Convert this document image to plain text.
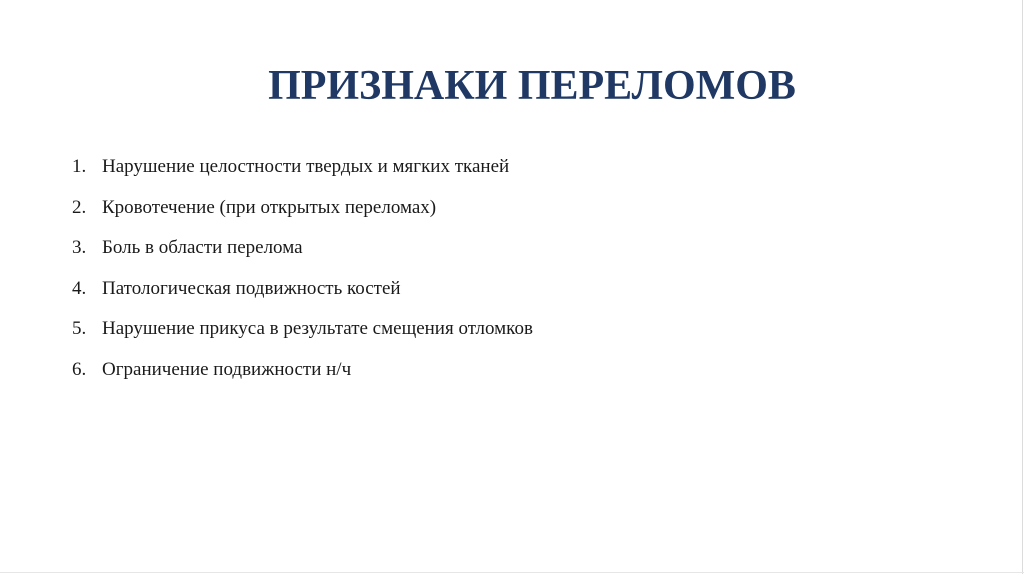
ПРИЗНАКИ ПЕРЕЛОМОВ
1. Нарушение целостности твердых и мягких тканей
2. Кровотечение (при открытых переломах)
3. Боль в области перелома
4. Патологическая подвижность костей
5. Нарушение прикуса в результате смещения отломков
6. Ограничение подвижности н/ч
